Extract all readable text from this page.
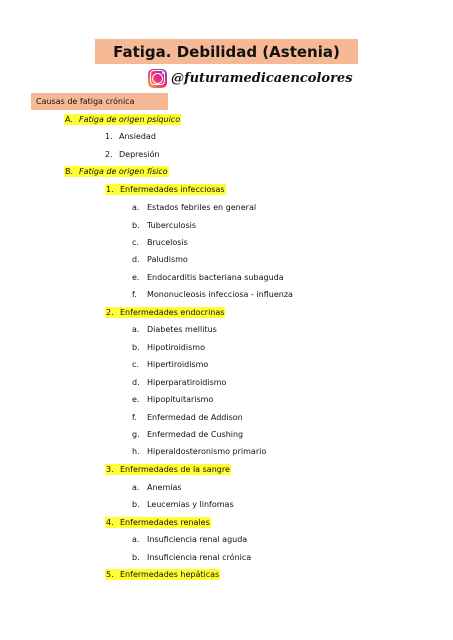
Fatiga. Debilidad (Astenia)
@futuramedicaencolores
Causas de fatiga crónica
A. Fatiga de origen psíquico
1. Ansiedad
2. Depresión
B. Fatiga de origen físico
1. Enfermedades infecciosas
a. Estados febriles en general
b. Tuberculosis
c.	Brucelosis
d. Paludismo
e. Endocarditis bacteriana subaguda
f.	Mononucleosis infecciosa - influenza
2. Enfermedades endocrinas
a. Diabetes mellitus
b. Hipotiroidismo
c.	Hipertiroidismo
d. Hiperparatiroidismo
e. Hipopituitarismo
f.	Enfermedad de Addison
g. Enfermedad de Cushing
h. Hiperaldosteronismo primario
3. Enfermedades de la sangre
a. Anemias
b. Leucemias y linfomas
4. Enfermedades renales
a. Insuficiencia renal aguda
b. Insuficiencia renal crónica
5. Enfermedades hepáticas
